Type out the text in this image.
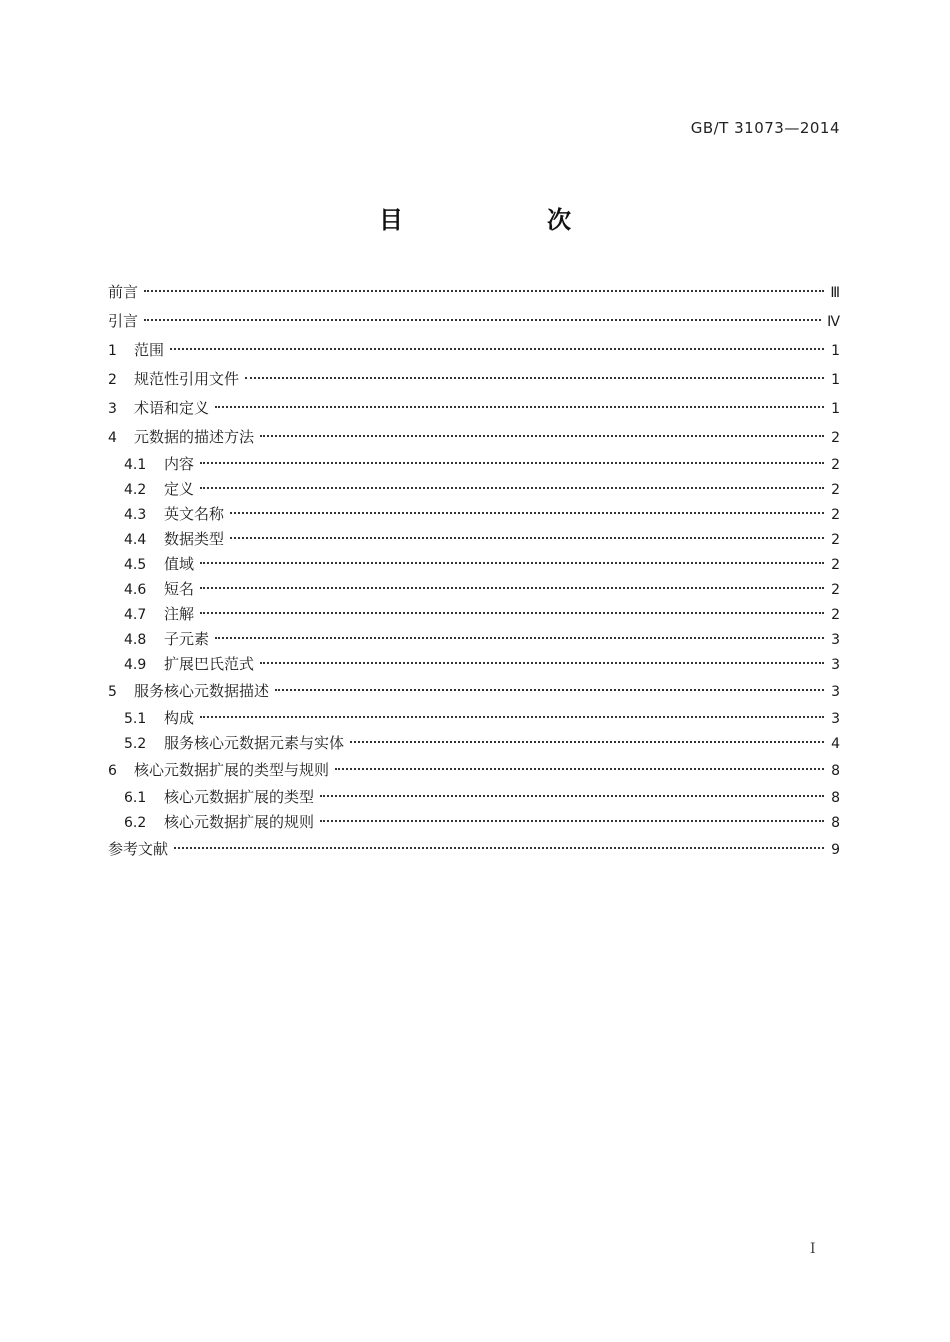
GB/T 31073—2014
目　次
前言	Ⅲ
引言	Ⅳ
1	范围	1
2	规范性引用文件	1
3	术语和定义	1
4	元数据的描述方法	2
4.1	内容	2
4.2	定义	2
4.3	英文名称	2
4.4	数据类型	2
4.5	值域	2
4.6	短名	2
4.7	注解	2
4.8	子元素	3
4.9	扩展巴氏范式	3
5	服务核心元数据描述	3
5.1	构成	3
5.2	服务核心元数据元素与实体	4
6	核心元数据扩展的类型与规则	8
6.1	核心元数据扩展的类型	8
6.2	核心元数据扩展的规则	8
参考文献	9
Ⅰ
